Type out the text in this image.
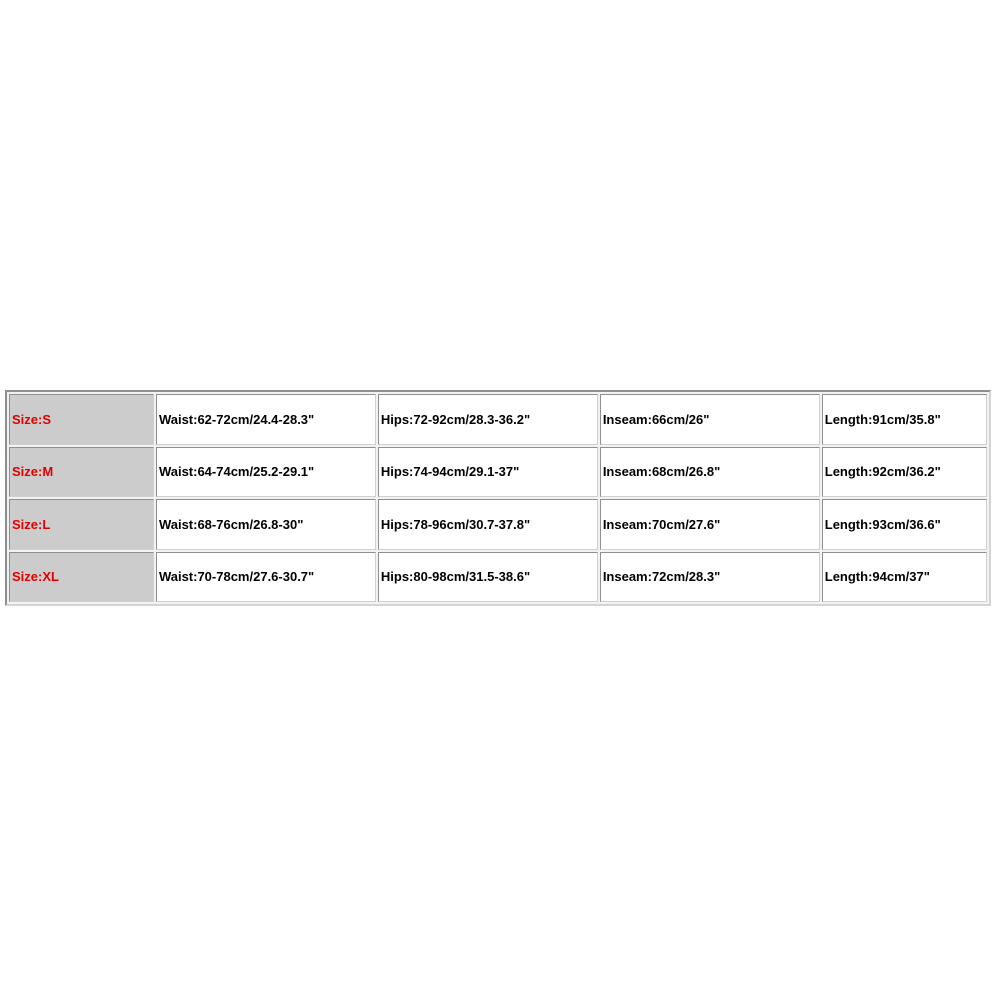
Size:S	Waist:62-72cm/24.4-28.3"	Hips:72-92cm/28.3-36.2"	Inseam:66cm/26"	Length:91cm/35.8"
Size:M	Waist:64-74cm/25.2-29.1"	Hips:74-94cm/29.1-37"	Inseam:68cm/26.8"	Length:92cm/36.2"
Size:L	Waist:68-76cm/26.8-30"	Hips:78-96cm/30.7-37.8"	Inseam:70cm/27.6"	Length:93cm/36.6"
Size:XL	Waist:70-78cm/27.6-30.7"	Hips:80-98cm/31.5-38.6"	Inseam:72cm/28.3"	Length:94cm/37"
